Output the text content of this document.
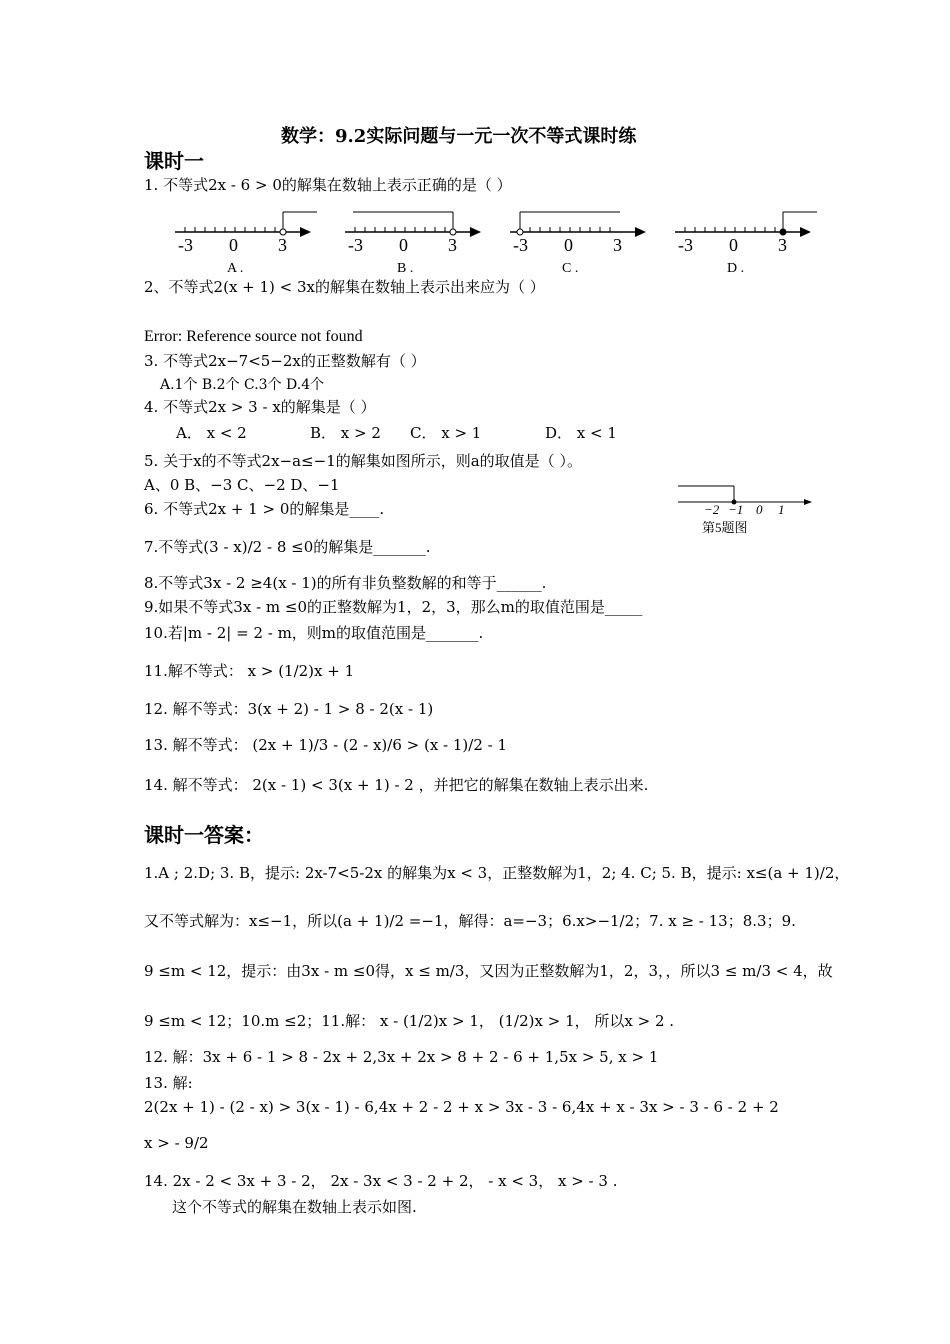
数学：9.2实际问题与一元一次不等式课时练
课时一
1. 不等式2x - 6 > 0的解集在数轴上表示正确的是（ ）
-3 0 3
A .
-3 0 3
B .
-3 0 3
C .
-3 0 3
D .
2、不等式2(x + 1) < 3x的解集在数轴上表示出来应为（ ）
Error: Reference source not found
3. 不等式2x−7<5−2x的正整数解有（ ）
A.1个 B.2个 C.3个 D.4个
4. 不等式2x > 3 - x的解集是（ ）
A． x < 2	B． x > 2 C． x > 1	D． x < 1
5. 关于x的不等式2x−a≤−1的解集如图所示，则a的取值是（ ）。
A、0 B、−3 C、−2 D、−1
−2 −1 0 1
第5题图
6. 不等式2x + 1 > 0的解集是____.
7.不等式(3 - x)/2 - 8 ≤0的解集是_______.
8.不等式3x - 2 ≥4(x - 1)的所有非负整数解的和等于______.
9.如果不等式3x - m ≤0的正整数解为1，2，3，那么m的取值范围是_____
10.若|m - 2| = 2 - m，则m的取值范围是_______.
11.解不等式： x > (1/2)x + 1
12. 解不等式：3(x + 2) - 1 > 8 - 2(x - 1)
13. 解不等式： (2x + 1)/3 - (2 - x)/6 > (x - 1)/2 - 1
14. 解不等式： 2(x - 1) < 3(x + 1) - 2 ，并把它的解集在数轴上表示出来.
课时一答案：
1.A ; 2.D; 3. B，提示: 2x-7<5-2x 的解集为x < 3，正整数解为1，2; 4. C; 5. B，提示: x≤(a + 1)/2，
又不等式解为：x≤−1，所以(a + 1)/2 =−1，解得：a=−3；6.x>−1/2；7. x ≥ - 13；8.3；9.
9 ≤m < 12，提示：由3x - m ≤0得，x ≤ m/3，又因为正整数解为1，2，3，，所以3 ≤ m/3 < 4，故
9 ≤m < 12；10.m ≤2；11.解： x - (1/2)x > 1， (1/2)x > 1， 所以x > 2 .
12. 解：3x + 6 - 1 > 8 - 2x + 2,3x + 2x > 8 + 2 - 6 + 1,5x > 5, x > 1
13. 解:
2(2x + 1) - (2 - x) > 3(x - 1) - 6,4x + 2 - 2 + x > 3x - 3 - 6,4x + x - 3x > - 3 - 6 - 2 + 2
x > - 9/2
14. 2x - 2 < 3x + 3 - 2， 2x - 3x < 3 - 2 + 2， - x < 3， x > - 3 .
这个不等式的解集在数轴上表示如图.
